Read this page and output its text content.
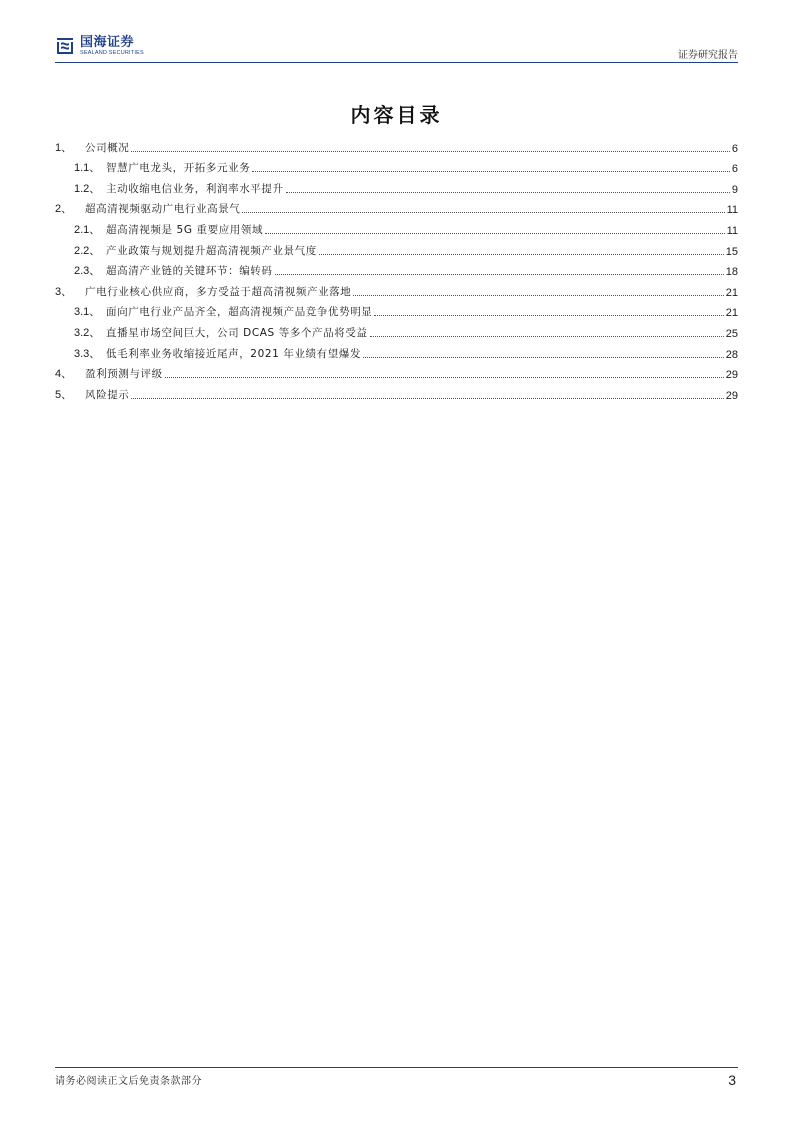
国海证券
SEALAND SECURITIES	证券研究报告
内容目录
1、	公司概况	6
1.1、 智慧广电龙头，开拓多元业务	6
1.2、 主动收缩电信业务，利润率水平提升	9
2、	超高清视频驱动广电行业高景气	11
2.1、 超高清视频是 5G 重要应用领域	11
2.2、 产业政策与规划提升超高清视频产业景气度	15
2.3、 超高清产业链的关键环节：编转码	18
3、	广电行业核心供应商，多方受益于超高清视频产业落地	21
3.1、 面向广电行业产品齐全，超高清视频产品竞争优势明显	21
3.2、 直播星市场空间巨大，公司 DCAS 等多个产品将受益	25
3.3、 低毛利率业务收缩接近尾声，2021 年业绩有望爆发	28
4、	盈利预测与评级	29
5、	风险提示	29
请务必阅读正文后免责条款部分	3
